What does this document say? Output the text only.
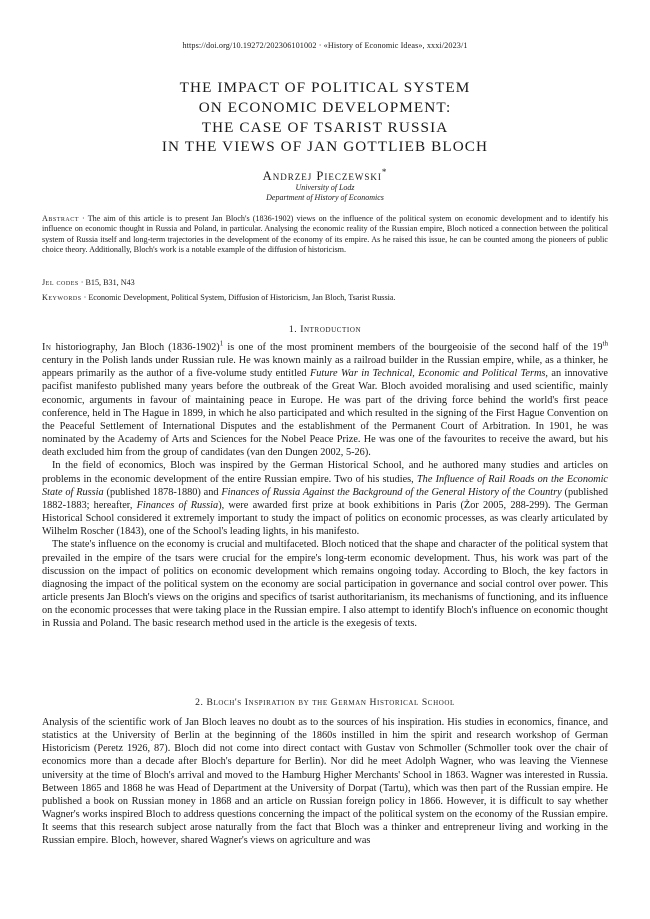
https://doi.org/10.19272/202306101002 · «History of Economic Ideas», xxxi/2023/1
THE IMPACT OF POLITICAL SYSTEM
ON ECONOMIC DEVELOPMENT:
THE CASE OF TSARIST RUSSIA
IN THE VIEWS OF JAN GOTTLIEB BLOCH
Andrzej Pieczewski*
University of Lodz
Department of History of Economics
Abstract · The aim of this article is to present Jan Bloch's (1836-1902) views on the influence of the political system on economic development and to identify his influence on economic thought in Russia and Poland, in particular. Analysing the economic reality of the Russian empire, Bloch noticed a connection between the political system of Russia itself and long-term trajectories in the development of the economy of its empire. As he raised this issue, he can be counted among the pioneers of public choice theory. Additionally, Bloch's work is a notable example of the diffusion of historicism.
Jel codes · B15, B31, N43
Keywords · Economic Development, Political System, Diffusion of Historicism, Jan Bloch, Tsarist Russia.
1. Introduction

In historiography, Jan Bloch (1836-1902)$^1$ is one of the most prominent members of the bourgeoisie of the second half of the 19th century in the Polish lands under Russian rule. He was known mainly as a railroad builder in the Russian empire, while, as a thinker, he appears primarily as the author of a five-volume study entitled Future War in Technical, Economic and Political Terms, an innovative pacifist manifesto published many years before the outbreak of the Great War. Bloch avoided moralising and used scientific, mainly economic, arguments in favour of maintaining peace in Europe. He was part of the driving force behind the world's first peace conference, held in The Hague in 1899, in which he also participated and which resulted in the signing of the First Hague Convention on the Peaceful Settlement of International Disputes and the establishment of the Permanent Court of Arbitration. In 1901, he was nominated by the Academy of Arts and Sciences for the Nobel Peace Prize. He was one of the favourites to receive the award, but his death excluded him from the group of candidates (van den Dungen 2002, 5-26).

In the field of economics, Bloch was inspired by the German Historical School, and he authored many studies and articles on problems in the economic development of the entire Russian empire. Two of his studies, The Influence of Rail Roads on the Economic State of Russia (published 1878-1880) and Finances of Russia Against the Background of the General History of the Country (published 1882-1883; hereafter, Finances of Russia), were awarded first prize at book exhibitions in Paris (Żor 2005, 288-299). The German Historical School considered it extremely important to study the impact of politics on economic processes, as was clearly articulated by Wilhelm Roscher (1843), one of the School's leading lights, in his manifesto.

The state's influence on the economy is crucial and multifaceted. Bloch noticed that the shape and character of the political system that prevailed in the empire of the tsars were crucial for the empire's long-term economic development. Thus, his work was part of the discussion on the impact of politics on economic development which remains ongoing today. According to Bloch, the key factors in diagnosing the impact of the political system on the economy are social participation in governance and social control over power. This article presents Jan Bloch's views on the origins and specifics of tsarist authoritarianism, its mechanisms of functioning, and its influence on the economic processes that were taking place in the Russian empire. I also attempt to identify Bloch's influence on economic thought in Russia and Poland. The basic research method used in the article is the exegesis of texts.

2. Bloch's Inspiration by the German Historical School

Analysis of the scientific work of Jan Bloch leaves no doubt as to the sources of his inspiration. His studies in economics, finance, and statistics at the University of Berlin at the beginning of the 1860s instilled in him the spirit and research workshop of German Historicism (Peretz 1926, 87). Bloch did not come into direct contact with Gustav von Schmoller (Schmoller took over the chair of economics more than a decade after Bloch's departure for Berlin). Nor did he meet Adolph Wagner, who was leaving the Viennese university at the time of Bloch's arrival and moved to the Hamburg Higher Merchants' School in 1863. Wagner was interested in Russia. Between 1865 and 1868 he was Head of Department at the University of Dorpat (Tartu), which was then part of the Russian empire. He published a book on Russian money in 1868 and an article on Russian foreign policy in 1866. However, it is difficult to say whether Wagner's works inspired Bloch to address questions concerning the impact of the political system on the economy of the Russian empire. It seems that this research subject arose naturally from the fact that Bloch was a thinker and entrepreneur living and working in the Russian empire. Bloch, however, shared Wagner's views on agriculture and was
